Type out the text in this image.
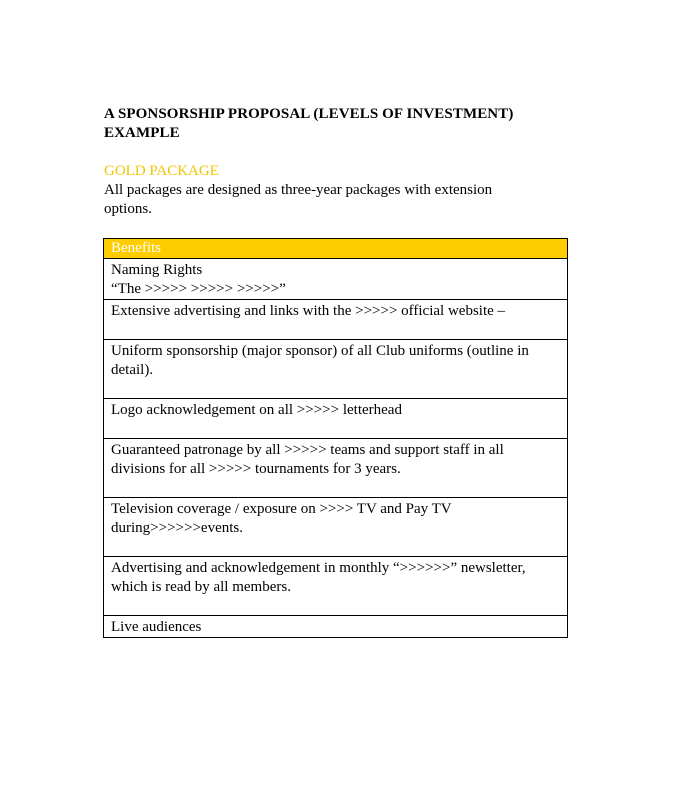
A SPONSORSHIP PROPOSAL (LEVELS OF INVESTMENT) EXAMPLE
GOLD PACKAGE
All packages are designed as three-year packages with extension options.
Benefits

Naming Rights
“The >>>>> >>>>> >>>>>”

Extensive advertising and links with the >>>>> official website –
Uniform sponsorship (major sponsor) of all Club uniforms (outline in detail).
Logo acknowledgement on all >>>>> letterhead
Guaranteed patronage by all >>>>> teams and support staff in all divisions for all >>>>> tournaments for 3 years.
Television coverage / exposure on >>>> TV and Pay TV during>>>>>>events.
Advertising and acknowledgement in monthly “>>>>>>” newsletter, which is read by all members.
Live audiences
